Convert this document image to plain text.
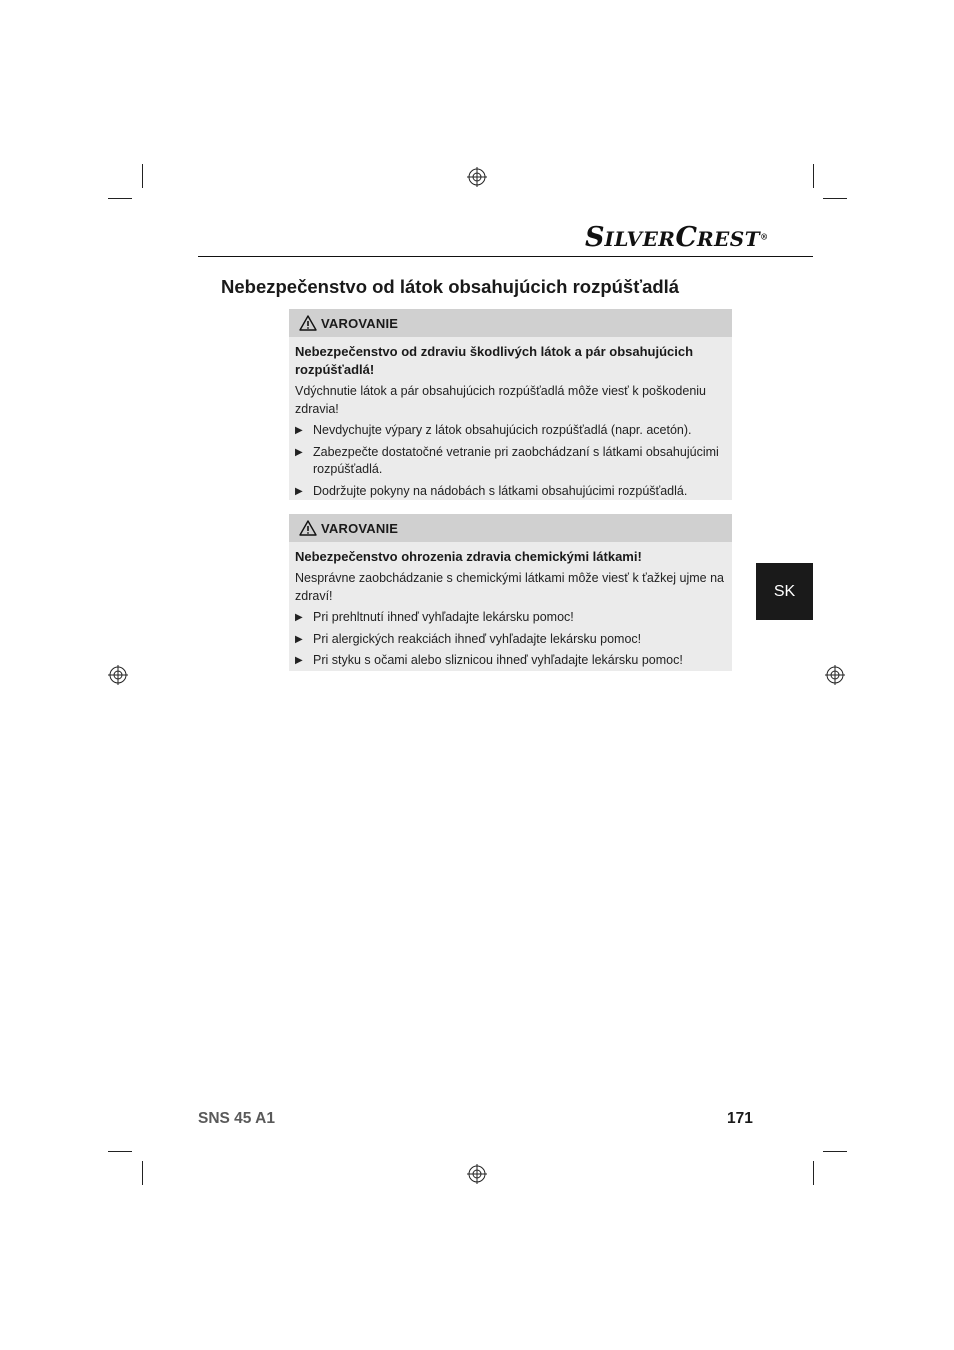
SILVERCREST®
Nebezpečenstvo od látok obsahujúcich rozpúšťadlá
VAROVANIE

Nebezpečenstvo od zdraviu škodlivých látok a pár obsahujúcich rozpúšťadlá!

Vdýchnutie látok a pár obsahujúcich rozpúšťadlá môže viesť k poškodeniu zdravia!

▶ Nevdychujte výpary z látok obsahujúcich rozpúšťadlá (napr. acetón).
▶ Zabezpečte dostatočné vetranie pri zaobchádzaní s látkami obsahujúcimi rozpúšťadlá.
▶ Dodržujte pokyny na nádobách s látkami obsahujúcimi rozpúšťadlá.
VAROVANIE

Nebezpečenstvo ohrozenia zdravia chemickými látkami!

Nesprávne zaobchádzanie s chemickými látkami môže viesť k ťažkej ujme na zdraví!

▶ Pri prehltnutí ihneď vyhľadajte lekársku pomoc!
▶ Pri alergických reakciách ihneď vyhľadajte lekársku pomoc!
▶ Pri styku s očami alebo sliznicou ihneď vyhľadajte lekársku pomoc!
SK
SNS 45 A1	171
